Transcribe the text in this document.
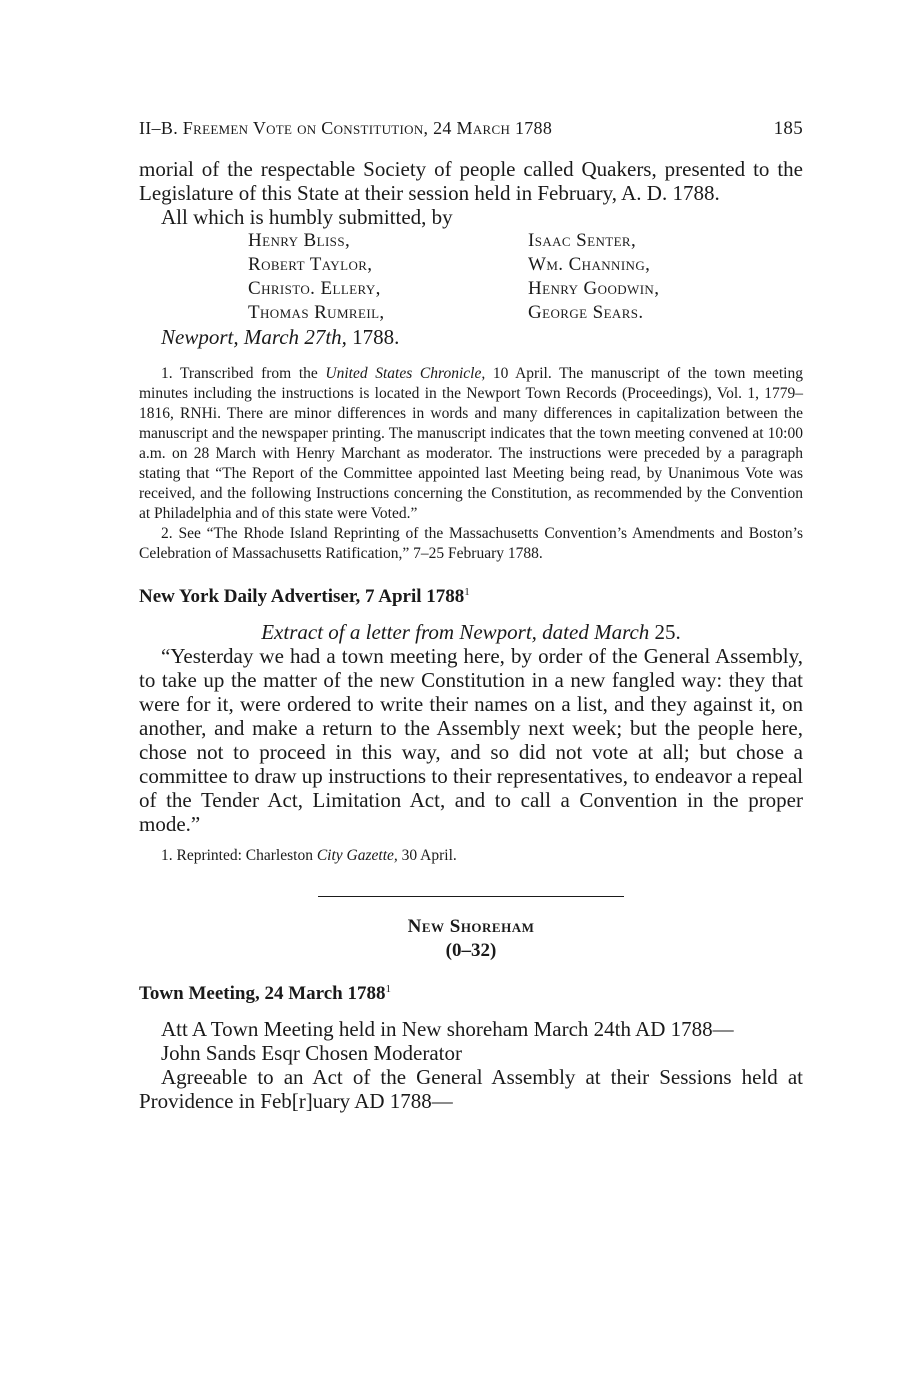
II–B. Freemen Vote on Constitution, 24 March 1788	185

morial of the respectable Society of people called Quakers, presented to the Legislature of this State at their session held in February, A. D. 1788.

All which is humbly submitted, by

Henry Bliss,	Isaac Senter,
Robert Taylor,	Wm. Channing,
Christo. Ellery,	Henry Goodwin,
Thomas Rumreil,	George Sears.
Newport, March 27th, 1788.

1. Transcribed from the United States Chronicle, 10 April. The manuscript of the town meeting minutes including the instructions is located in the Newport Town Records (Proceedings), Vol. 1, 1779–1816, RNHi. There are minor differences in words and many differences in capitalization between the manuscript and the newspaper printing. The manuscript indicates that the town meeting convened at 10:00 a.m. on 28 March with Henry Marchant as moderator. The instructions were preceded by a paragraph stating that “The Report of the Committee appointed last Meeting being read, by Unanimous Vote was received, and the following Instructions concerning the Constitution, as recommended by the Convention at Philadelphia and of this state were Voted.”

2. See “The Rhode Island Reprinting of the Massachusetts Convention’s Amendments and Boston’s Celebration of Massachusetts Ratification,” 7–25 February 1788.

New York Daily Advertiser, 7 April 1788$^1$

Extract of a letter from Newport, dated March 25.

“Yesterday we had a town meeting here, by order of the General Assembly, to take up the matter of the new Constitution in a new fangled way: they that were for it, were ordered to write their names on a list, and they against it, on another, and make a return to the Assembly next week; but the people here, chose not to proceed in this way, and so did not vote at all; but chose a committee to draw up instructions to their representatives, to endeavor a repeal of the Tender Act, Limitation Act, and to call a Convention in the proper mode.”

1. Reprinted: Charleston City Gazette, 30 April.

New Shoreham
(0–32)
Town Meeting, 24 March 1788$^1$

Att A Town Meeting held in New shoreham March 24th AD 1788—

John Sands Esqr Chosen Moderator

Agreeable to an Act of the General Assembly at their Sessions held at Providence in Feb[r]uary AD 1788—
